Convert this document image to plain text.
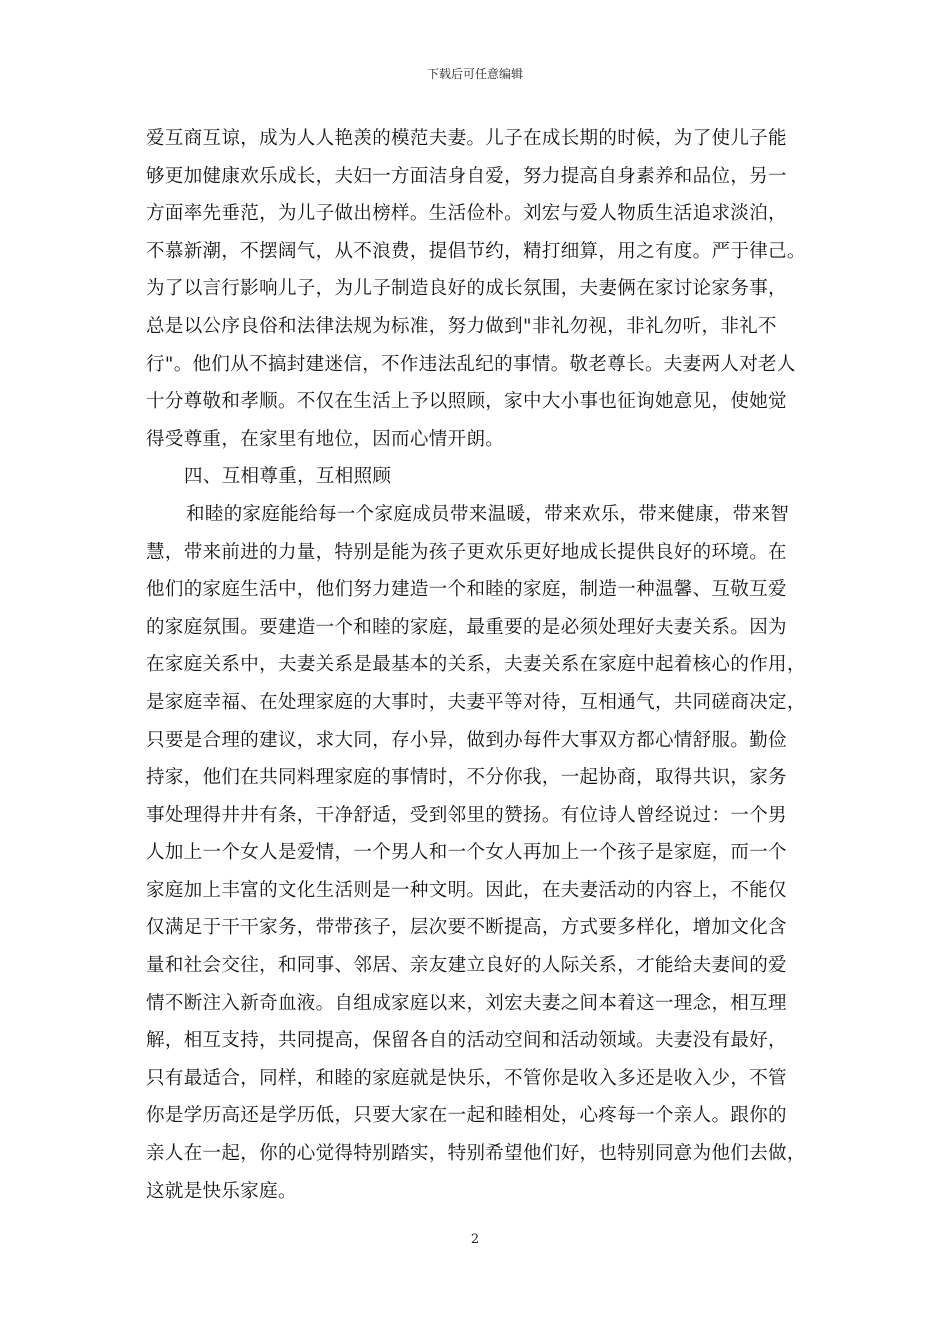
下载后可任意编辑
爱互商互谅，成为人人艳羡的模范夫妻。儿子在成长期的时候，为了使儿子能
够更加健康欢乐成长，夫妇一方面洁身自爱，努力提高自身素养和品位，另一
方面率先垂范，为儿子做出榜样。生活俭朴。刘宏与爱人物质生活追求淡泊，
不慕新潮，不摆阔气，从不浪费，提倡节约，精打细算，用之有度。严于律己。
为了以言行影响儿子，为儿子制造良好的成长氛围，夫妻俩在家讨论家务事，
总是以公序良俗和法律法规为标准，努力做到"非礼勿视，非礼勿听，非礼不
行"。他们从不搞封建迷信，不作违法乱纪的事情。敬老尊长。夫妻两人对老人
十分尊敬和孝顺。不仅在生活上予以照顾，家中大小事也征询她意见，使她觉
得受尊重，在家里有地位，因而心情开朗。
四、互相尊重，互相照顾
和睦的家庭能给每一个家庭成员带来温暖，带来欢乐，带来健康，带来智
慧，带来前进的力量，特别是能为孩子更欢乐更好地成长提供良好的环境。在
他们的家庭生活中，他们努力建造一个和睦的家庭，制造一种温馨、互敬互爱
的家庭氛围。要建造一个和睦的家庭，最重要的是必须处理好夫妻关系。因为
在家庭关系中，夫妻关系是最基本的关系，夫妻关系在家庭中起着核心的作用，
是家庭幸福、在处理家庭的大事时，夫妻平等对待，互相通气，共同磋商决定，
只要是合理的建议，求大同，存小异，做到办每件大事双方都心情舒服。勤俭
持家，他们在共同料理家庭的事情时，不分你我，一起协商，取得共识，家务
事处理得井井有条，干净舒适，受到邻里的赞扬。有位诗人曾经说过：一个男
人加上一个女人是爱情，一个男人和一个女人再加上一个孩子是家庭，而一个
家庭加上丰富的文化生活则是一种文明。因此，在夫妻活动的内容上，不能仅
仅满足于干干家务，带带孩子，层次要不断提高，方式要多样化，增加文化含
量和社会交往，和同事、邻居、亲友建立良好的人际关系，才能给夫妻间的爱
情不断注入新奇血液。自组成家庭以来，刘宏夫妻之间本着这一理念，相互理
解，相互支持，共同提高，保留各自的活动空间和活动领域。夫妻没有最好，
只有最适合，同样，和睦的家庭就是快乐，不管你是收入多还是收入少，不管
你是学历高还是学历低，只要大家在一起和睦相处，心疼每一个亲人。跟你的
亲人在一起，你的心觉得特别踏实，特别希望他们好，也特别同意为他们去做，
这就是快乐家庭。
2
